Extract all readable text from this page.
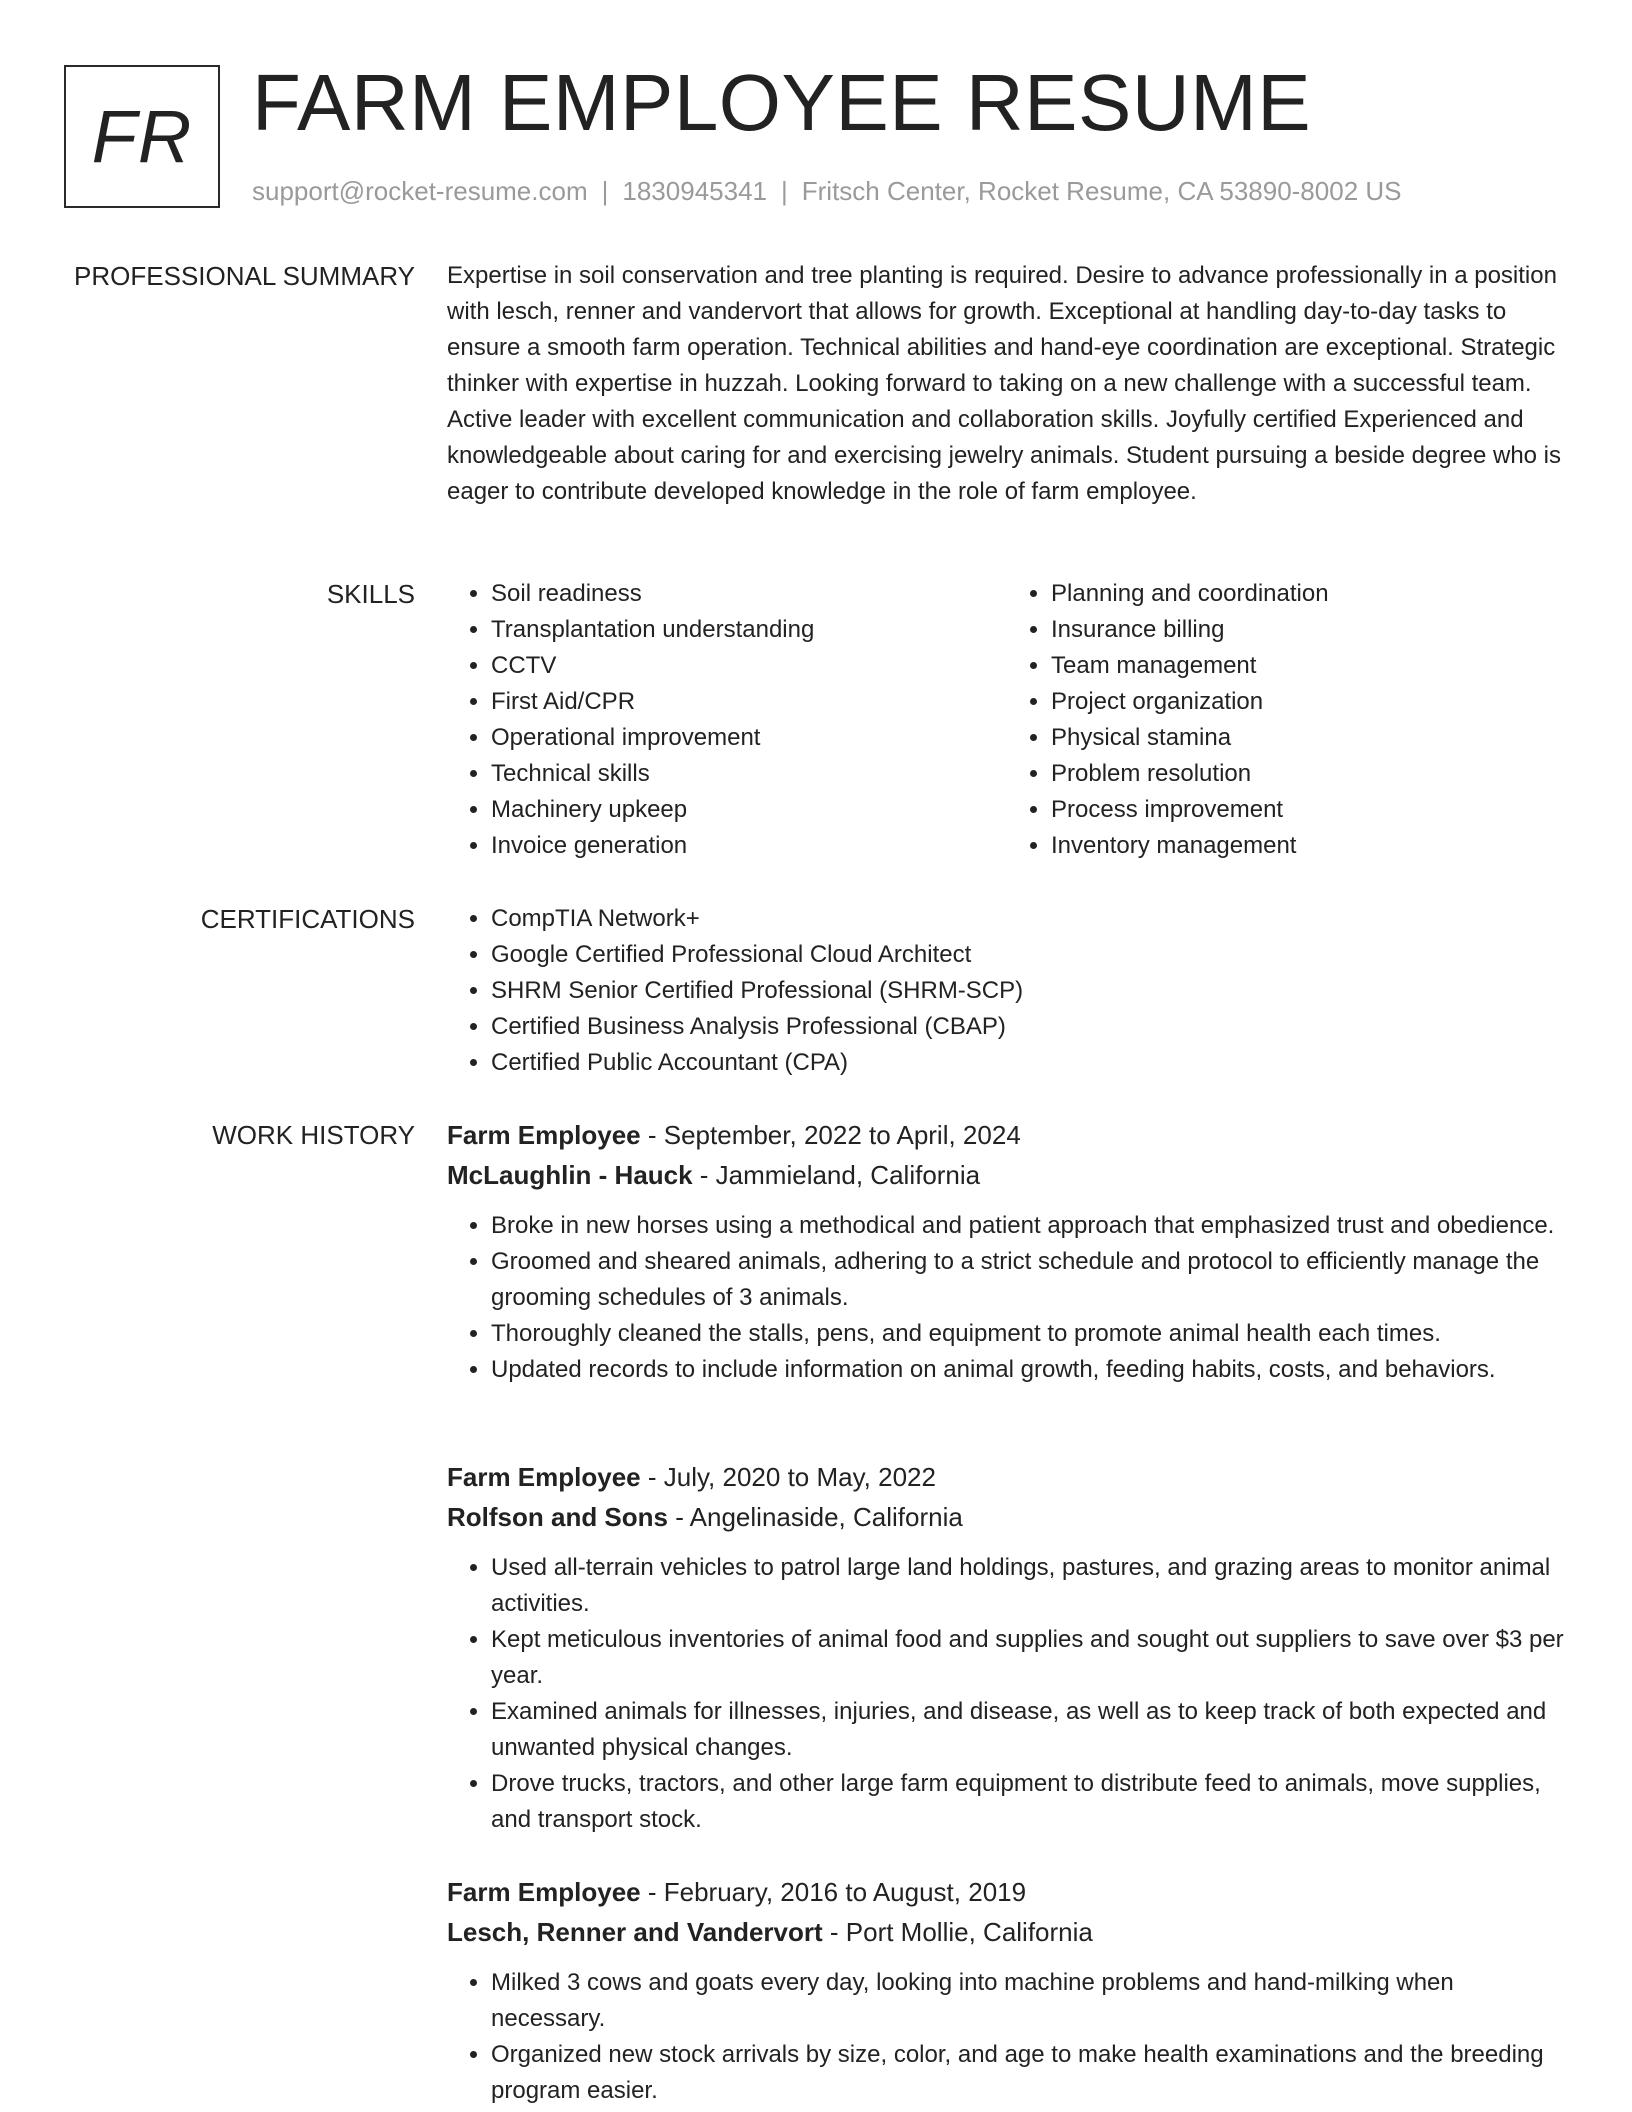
FR FARM EMPLOYEE RESUME
support@rocket-resume.com | 1830945341 | Fritsch Center, Rocket Resume, CA 53890-8002 US
PROFESSIONAL SUMMARY Expertise in soil conservation and tree planting is required. Desire to advance professionally in a position with lesch, renner and vandervort that allows for growth. Exceptional at handling day-to-day tasks to ensure a smooth farm operation. Technical abilities and hand-eye coordination are exceptional. Strategic thinker with expertise in huzzah. Looking forward to taking on a new challenge with a successful team. Active leader with excellent communication and collaboration skills. Joyfully certified Experienced and knowledgeable about caring for and exercising jewelry animals. Student pursuing a beside degree who is eager to contribute developed knowledge in the role of farm employee.
SKILLS	• Soil readiness
• Transplantation understanding
• CCTV
• First Aid/CPR
• Operational improvement
• Technical skills
• Machinery upkeep
• Invoice generation
• Planning and coordination
• Insurance billing
• Team management
• Project organization
• Physical stamina
• Problem resolution
• Process improvement
• Inventory management
CERTIFICATIONS	• CompTIA Network+
• Google Certified Professional Cloud Architect
• SHRM Senior Certified Professional (SHRM-SCP)
• Certified Business Analysis Professional (CBAP)
• Certified Public Accountant (CPA)
WORK HISTORY Farm Employee - September, 2022 to April, 2024
McLaughlin - Hauck - Jammieland, California
• Broke in new horses using a methodical and patient approach that emphasized trust and obedience.
• Groomed and sheared animals, adhering to a strict schedule and protocol to efficiently manage the grooming schedules of 3 animals.
• Thoroughly cleaned the stalls, pens, and equipment to promote animal health each times.
• Updated records to include information on animal growth, feeding habits, costs, and behaviors.
Farm Employee - July, 2020 to May, 2022
Rolfson and Sons - Angelinaside, California
• Used all-terrain vehicles to patrol large land holdings, pastures, and grazing areas to monitor animal activities.
• Kept meticulous inventories of animal food and supplies and sought out suppliers to save over $3 per year.
• Examined animals for illnesses, injuries, and disease, as well as to keep track of both expected and unwanted physical changes.
• Drove trucks, tractors, and other large farm equipment to distribute feed to animals, move supplies, and transport stock.
Farm Employee - February, 2016 to August, 2019
Lesch, Renner and Vandervort - Port Mollie, California
• Milked 3 cows and goats every day, looking into machine problems and hand-milking when necessary.
• Organized new stock arrivals by size, color, and age to make health examinations and the breeding program easier.
